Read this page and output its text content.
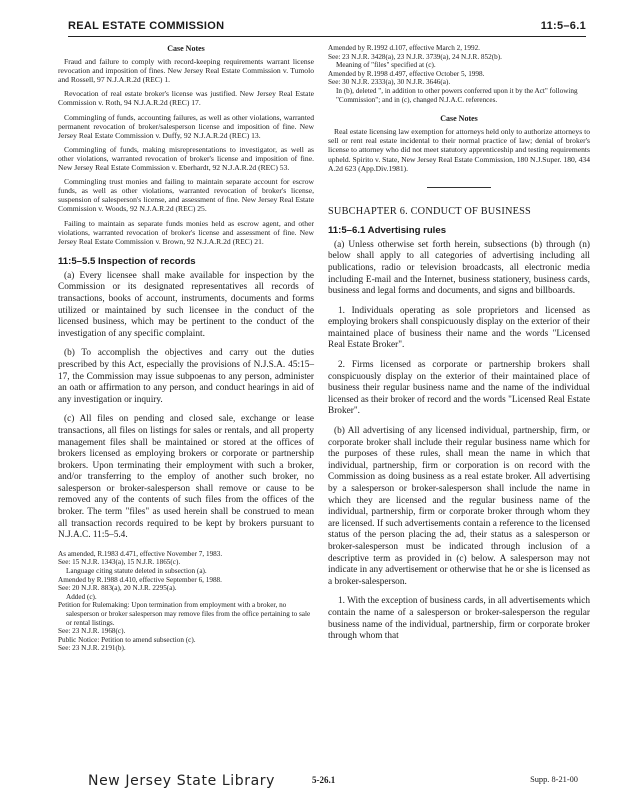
REAL ESTATE COMMISSION	11:5–6.1
Case Notes

Fraud and failure to comply with record-keeping requirements warrant license revocation and imposition of fines. New Jersey Real Estate Commission v. Tumolo and Rossell, 97 N.J.A.R.2d (REC) 1.

Revocation of real estate broker's license was justified. New Jersey Real Estate Commission v. Roth, 94 N.J.A.R.2d (REC) 17.

Commingling of funds, accounting failures, as well as other violations, warranted permanent revocation of broker/salesperson license and imposition of fine. New Jersey Real Estate Commission v. Duffy, 92 N.J.A.R.2d (REC) 13.

Commingling of funds, making misrepresentations to investigator, as well as other violations, warranted revocation of broker's license and imposition of fine. New Jersey Real Estate Commission v. Eberhardt, 92 N.J.A.R.2d (REC) 53.

Commingling trust monies and failing to maintain separate account for escrow funds, as well as other violations, warranted revocation of broker's license, suspension of salesperson's license, and assessment of fine. New Jersey Real Estate Commission v. Woods, 92 N.J.A.R.2d (REC) 25.

Failing to maintain as separate funds monies held as escrow agent, and other violations, warranted revocation of broker's license and assessment of fine. New Jersey Real Estate Commission v. Brown, 92 N.J.A.R.2d (REC) 21.

11:5–5.5 Inspection of records

(a) Every licensee shall make available for inspection by the Commission or its designated representatives all records of transactions, books of account, instruments, documents and forms utilized or maintained by such licensee in the conduct of the licensed business, which may be pertinent to the conduct of the investigation of any specific complaint.

(b) To accomplish the objectives and carry out the duties prescribed by this Act, especially the provisions of N.J.S.A. 45:15–17, the Commission may issue subpoenas to any person, administer an oath or affirmation to any person, and conduct hearings in aid of any investigation or inquiry.

(c) All files on pending and closed sale, exchange or lease transactions, all files on listings for sales or rentals, and all property management files shall be maintained or stored at the offices of brokers licensed as employing brokers or corporate or partnership brokers. Upon terminating their employment with such a broker, and/or transferring to the employ of another such broker, no salesperson or broker-salesperson shall remove or cause to be removed any of the contents of such files from the offices of the broker. The term "files" as used herein shall be construed to mean all transaction records required to be kept by brokers pursuant to N.J.A.C. 11:5–5.4.

As amended, R.1983 d.471, effective November 7, 1983.

See: 15 N.J.R. 1343(a), 15 N.J.R. 1865(c).

Language citing statute deleted in subsection (a).

Amended by R.1988 d.410, effective September 6, 1988.

See: 20 N.J.R. 883(a), 20 N.J.R. 2295(a).

Added (c).

Petition for Rulemaking: Upon termination from employment with a broker, no salesperson or broker salesperson may remove files from the office pertaining to sale or rental listings.

See: 23 N.J.R. 1968(c).

Public Notice: Petition to amend subsection (c).

See: 23 N.J.R. 2191(b).

Amended by R.1992 d.107, effective March 2, 1992.

See: 23 N.J.R. 3428(a), 23 N.J.R. 3739(a), 24 N.J.R. 852(b).

Meaning of "files" specified at (c).

Amended by R.1998 d.497, effective October 5, 1998.

See: 30 N.J.R. 2333(a), 30 N.J.R. 3646(a).

In (b), deleted ", in addition to other powers conferred upon it by the Act" following "Commission"; and in (c), changed N.J.A.C. references.

Case Notes

Real estate licensing law exemption for attorneys held only to authorize attorneys to sell or rent real estate incidental to their normal practice of law; denial of broker's license to attorney who did not meet statutory apprenticeship and testing requirements upheld. Spirito v. State, New Jersey Real Estate Commission, 180 N.J.Super. 180, 434 A.2d 623 (App.Div.1981).

SUBCHAPTER 6. CONDUCT OF BUSINESS
11:5–6.1 Advertising rules

(a) Unless otherwise set forth herein, subsections (b) through (n) below shall apply to all categories of advertising including all publications, radio or television broadcasts, all electronic media including E-mail and the Internet, business stationery, business cards, business and legal forms and documents, and signs and billboards.

1. Individuals operating as sole proprietors and licensed as employing brokers shall conspicuously display on the exterior of their maintained place of business their name and the words "Licensed Real Estate Broker".

2. Firms licensed as corporate or partnership brokers shall conspicuously display on the exterior of their maintained place of business their regular business name and the name of the individual licensed as their broker of record and the words "Licensed Real Estate Broker".

(b) All advertising of any licensed individual, partnership, firm, or corporate broker shall include their regular business name which for the purposes of these rules, shall mean the name in which that individual, partnership, firm or corporation is on record with the Commission as doing business as a real estate broker. All advertising by a salesperson or broker-salesperson shall include the name in which they are licensed and the regular business name of the individual, partnership, firm or corporate broker through whom they are licensed. If such advertisements contain a reference to the licensed status of the person placing the ad, their status as a salesperson or broker-salesperson must be indicated through inclusion of a descriptive term as provided in (c) below. A salesperson may not indicate in any advertisement or otherwise that he or she is licensed as a broker-salesperson.

1. With the exception of business cards, in all advertisements which contain the name of a salesperson or broker-salesperson the regular business name of the individual, partnership, firm or corporate broker through whom that

New Jersey State Library	5-26.1	Supp. 8-21-00
